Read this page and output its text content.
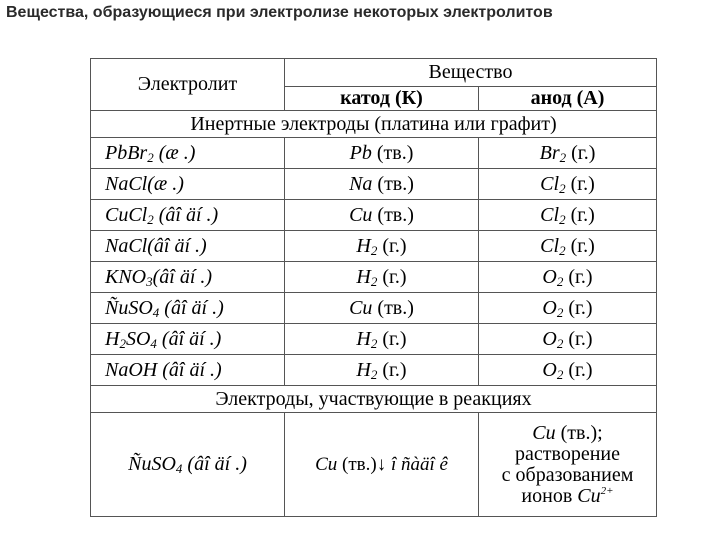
Вещества, образующиеся при электролизе некоторых электролитов
Электролит	Вещество	
	катод (К)	анод (А)
Инертные электроды (платина или графит)		
PbBr$_2$ (æ .)	Pb (тв.)	$Br_2$ (г.)
NaCl(æ .)	Na (тв.)	$Cl_2$ (г.)
CuCl$_2$ (âî äí .)	Cu (тв.)	$Cl_2$ (г.)
NaCl(âî äí .)	$H_2$ (г.)	$Cl_2$ (г.)
$KNO_3(âî$ äí .)	$H_2$ (г.)	$O_2$ (г.)
ÑuSO$_4$ (âî äí .)	Cu (тв.)	$O_2$ (г.)
$H_2SO_4$ (âî äí .)	$H_2$ (г.)	$O_2$ (г.)
NaOH (âî äí .)	$H_2$ (г.)	$O_2$ (г.)
Электроды, участвующие в реакциях		
ÑuSO$_4$ (âî äí .)	Cu (тв.)↓ î ñàäî ê	Cu (тв.);
растворение
с образованием
ионов $Cu^{2+}$
